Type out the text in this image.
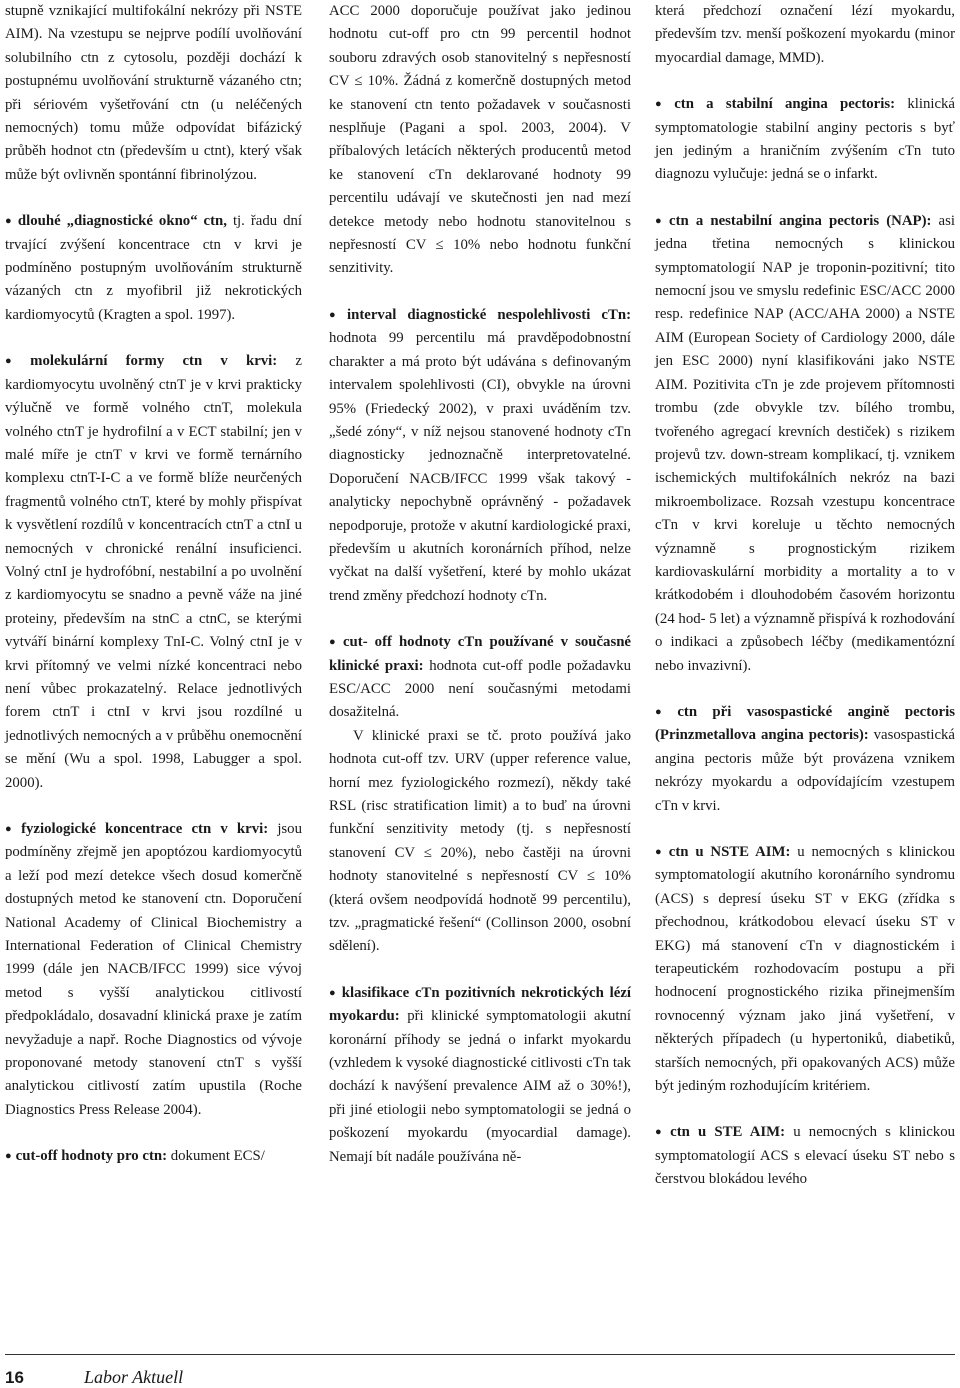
stupně vznikající multifokální nekrózy při NSTE AIM). Na vzestupu se nejprve podílí uvolňování solubilního ctn z cytosolu, později dochází k postupnému uvolňování strukturně vázaného ctn; při sériovém vyšetřování ctn (u neléčených nemocných) tomu může odpovídat bifázický průběh hodnot ctn (především u ctnt), který však může být ovlivněn spontánní fibrinolýzou.

● dlouhé „diagnostické okno“ ctn, tj. řadu dní trvající zvýšení koncentrace ctn v krvi je podmíněno postupným uvolňováním strukturně vázaných ctn z myofibril již nekrotických kardiomyocytů (Kragten a spol. 1997).

● molekulární formy ctn v krvi: z kardiomyocytu uvolněný ctnT je v krvi prakticky výlučně ve formě volného ctnT, molekula volného ctnT je hydrofilní a v ECT stabilní; jen v malé míře je ctnT v krvi ve formě ternárního komplexu ctnT-I-C a ve formě blíže neurčených fragmentů volného ctnT, které by mohly přispívat k vysvětlení rozdílů v koncentracích ctnT a ctnI u nemocných v chronické renální insuficienci. Volný ctnI je hydrofóbní, nestabilní a po uvolnění z kardiomyocytu se snadno a pevně váže na jiné proteiny, především na stnC a ctnC, se kterými vytváří binární komplexy TnI-C. Volný ctnI je v krvi přítomný ve velmi nízké koncentraci nebo není vůbec prokazatelný. Relace jednotlivých forem ctnT i ctnI v krvi jsou rozdílné u jednotlivých nemocných a v průběhu onemocnění se mění (Wu a spol. 1998, Labugger a spol. 2000).

● fyziologické koncentrace ctn v krvi: jsou podmíněny zřejmě jen apoptózou kardiomyocytů a leží pod mezí detekce všech dosud komerčně dostupných metod ke stanovení ctn. Doporučení National Academy of Clinical Biochemistry a International Federation of Clinical Chemistry 1999 (dále jen NACB/IFCC 1999) sice vývoj metod s vyšší analytickou citlivostí předpokládalo, dosavadní klinická praxe je zatím nevyžaduje a např. Roche Diagnostics od vývoje proponované metody stanovení ctnT s vyšší analytickou citlivostí zatím upustila (Roche Diagnostics Press Release 2004).

● cut-off hodnoty pro ctn: dokument ECS/

ACC 2000 doporučuje používat jako jedinou hodnotu cut-off pro ctn 99 percentil hodnot souboru zdravých osob stanovitelný s nepřesností CV ≤ 10%. Žádná z komerčně dostupných metod ke stanovení ctn tento požadavek v současnosti nesplňuje (Pagani a spol. 2003, 2004). V příbalových letácích některých producentů metod ke stanovení cTn deklarované hodnoty 99 percentilu udávají ve skutečnosti jen nad mezí detekce metody nebo hodnotu stanovitelnou s nepřesností CV ≤ 10% nebo hodnotu funkční senzitivity.

● interval diagnostické nespolehlivosti cTn: hodnota 99 percentilu má pravděpodobnostní charakter a má proto být udávána s definovaným intervalem spolehlivosti (CI), obvykle na úrovni 95% (Friedecký 2002), v praxi uváděním tzv. „šedé zóny“, v níž nejsou stanovené hodnoty cTn diagnosticky jednoznačně interpretovatelné. Doporučení NACB/IFCC 1999 však takový - analyticky nepochybně oprávněný - požadavek nepodporuje, protože v akutní kardiologické praxi, především u akutních koronárních příhod, nelze vyčkat na další vyšetření, které by mohlo ukázat trend změny předchozí hodnoty cTn.

● cut- off hodnoty cTn používané v současné klinické praxi: hodnota cut-off podle požadavku ESC/ACC 2000 není současnými metodami dosažitelná.

V klinické praxi se tč. proto používá jako hodnota cut-off tzv. URV (upper reference value, horní mez fyziologického rozmezí), někdy také RSL (risc stratification limit) a to buď na úrovni funkční senzitivity metody (tj. s nepřesností stanovení CV ≤ 20%), nebo častěji na úrovni hodnoty stanovitelné s nepřesností CV ≤ 10% (která ovšem neodpovídá hodnotě 99 percentilu), tzv. „pragmatické řešení“ (Collinson 2000, osobní sdělení).

● klasifikace cTn pozitivních nekrotických lézí myokardu: při klinické symptomatologii akutní koronární příhody se jedná o infarkt myokardu (vzhledem k vysoké diagnostické citlivosti cTn tak dochází k navýšení prevalence AIM až o 30%!), při jiné etiologii nebo symptomatologii se jedná o poškození myokardu (myocardial damage). Nemají bít nadále používána ně-

která předchozí označení lézí myokardu, především tzv. menší poškození myokardu (minor myocardial damage, MMD).

● ctn a stabilní angina pectoris: klinická symptomatologie stabilní anginy pectoris s byť jen jediným a hraničním zvýšením cTn tuto diagnozu vylučuje: jedná se o infarkt.

● ctn a nestabilní angina pectoris (NAP): asi jedna třetina nemocných s klinickou symptomatologií NAP je troponin-pozitivní; tito nemocní jsou ve smyslu redefinic ESC/ACC 2000 resp. redefinice NAP (ACC/AHA 2000) a NSTE AIM (European Society of Cardiology 2000, dále jen ESC 2000) nyní klasifikováni jako NSTE AIM. Pozitivita cTn je zde projevem přítomnosti trombu (zde obvykle tzv. bílého trombu, tvořeného agregací krevních destiček) s rizikem projevů tzv. down-stream komplikací, tj. vznikem ischemických multifokálních nekróz na bazi mikroembolizace. Rozsah vzestupu koncentrace cTn v krvi koreluje u těchto nemocných významně s prognostickým rizikem kardiovaskulární morbidity a mortality a to v krátkodobém i dlouhodobém časovém horizontu (24 hod- 5 let) a významně přispívá k rozhodování o indikaci a způsobech léčby (medikamentózní nebo invazivní).

● ctn při vasospastické angině pectoris (Prinzmetallova angina pectoris): vasospastická angina pectoris může být provázena vznikem nekrózy myokardu a odpovídajícím vzestupem cTn v krvi.

● ctn u NSTE AIM: u nemocných s klinickou symptomatologií akutního koronárního syndromu (ACS) s depresí úseku ST v EKG (zřídka s přechodnou, krátkodobou elevací úseku ST v EKG) má stanovení cTn v diagnostickém i terapeutickém rozhodovacím postupu a při hodnocení prognostického rizika přinejmenším rovnocenný význam jako jiná vyšetření, v některých případech (u hypertoniků, diabetiků, starších nemocných, při opakovaných ACS) může být jediným rozhodujícím kritériem.

● ctn u STE AIM: u nemocných s klinickou symptomatologií ACS s elevací úseku ST nebo s čerstvou blokádou levého

16	Labor Aktuell
